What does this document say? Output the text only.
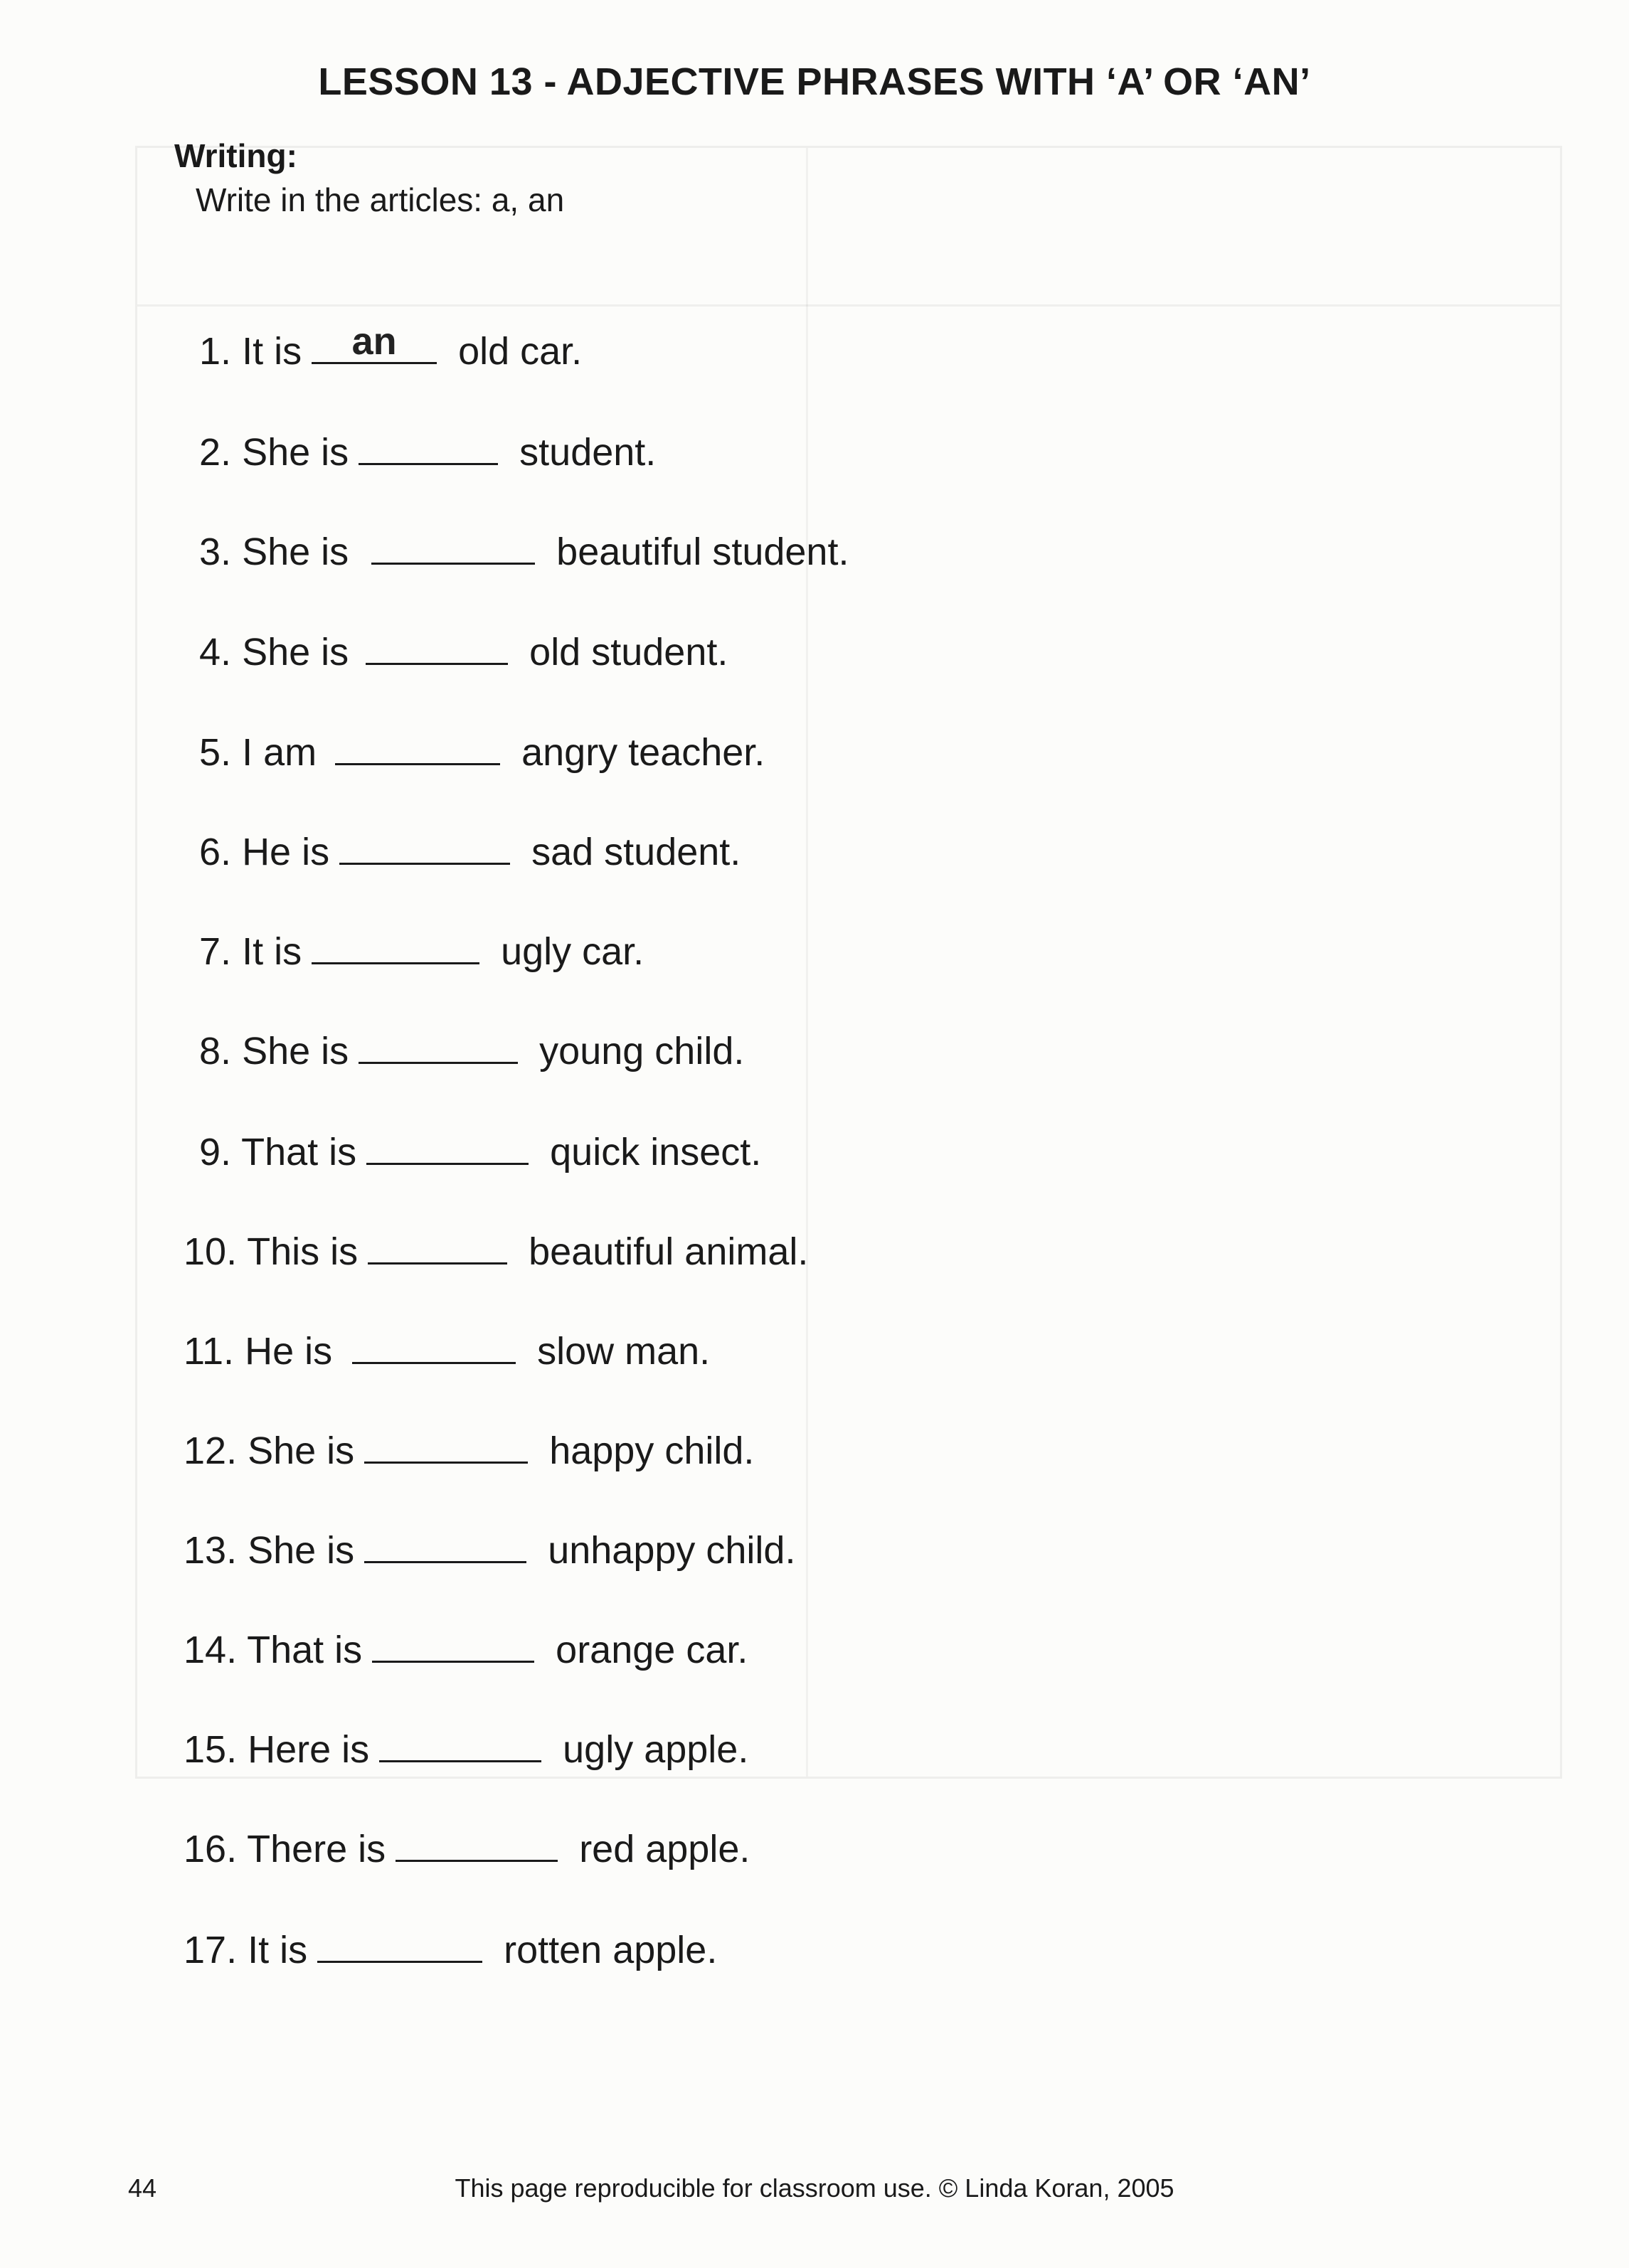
LESSON 13 - ADJECTIVE PHRASES WITH ‘A’ OR ‘AN’

Writing:

Write in the articles: a, an

1. It is	an	old car.
2. She is	student.
3. She is	beautiful student.
4. She is	old student.
5. I am	angry teacher.
6. He is	sad student.
7. It is	ugly car.
8. She is	young child.
9. That is	quick insect.
10. This is	beautiful animal.
11. He is	slow man.
12. She is	happy child.
13. She is	unhappy child.
14. That is	orange car.
15. Here is	ugly apple.
16. There is	red apple.
17. It is	rotten apple.

44	This page reproducible for classroom use. © Linda Koran, 2005
